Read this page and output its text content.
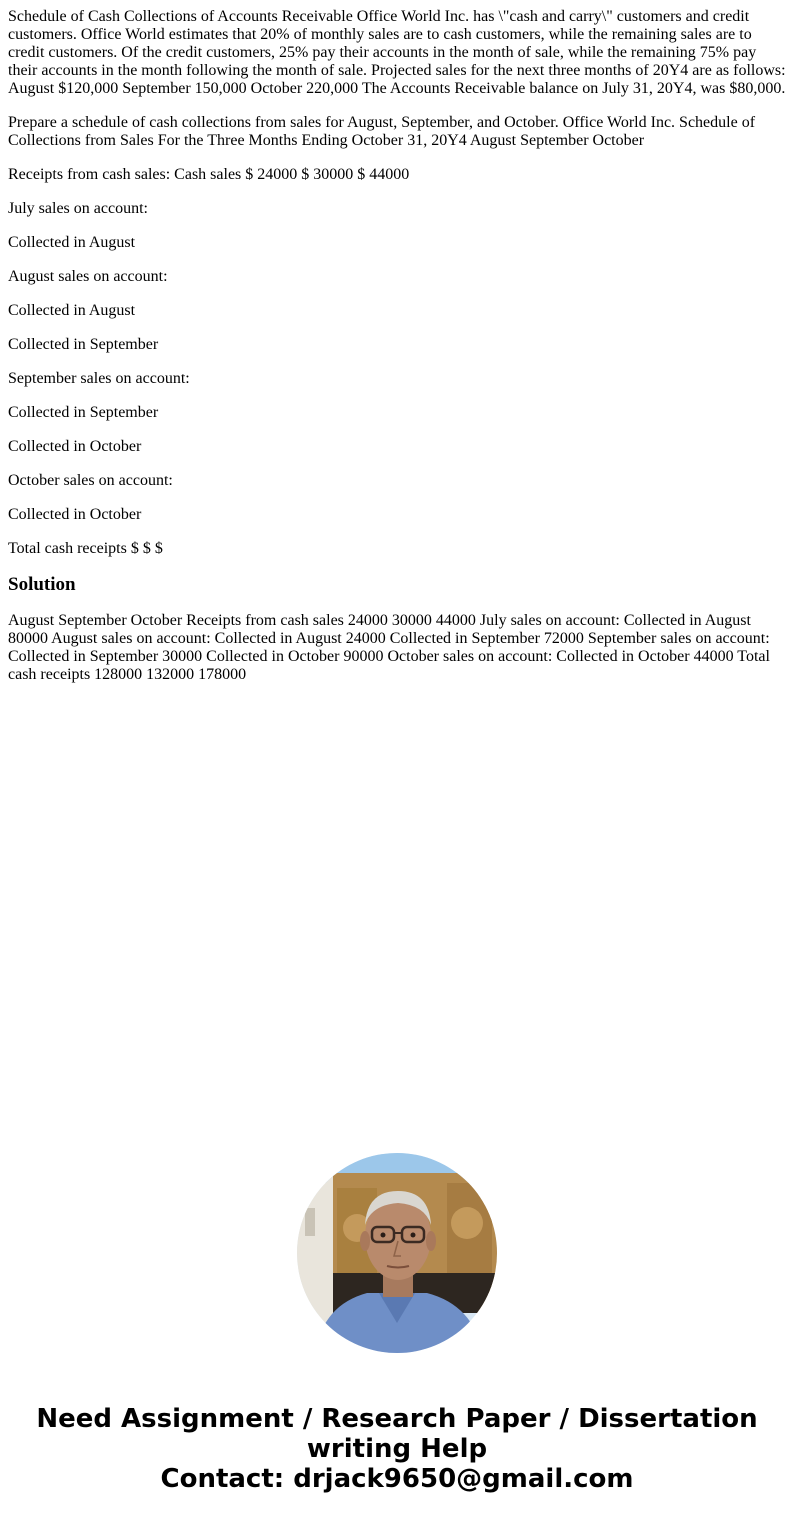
Schedule of Cash Collections of Accounts Receivable Office World Inc. has \"cash and carry\" customers and credit customers. Office World estimates that 20% of monthly sales are to cash customers, while the remaining sales are to credit customers. Of the credit customers, 25% pay their accounts in the month of sale, while the remaining 75% pay their accounts in the month following the month of sale. Projected sales for the next three months of 20Y4 are as follows: August $120,000 September 150,000 October 220,000 The Accounts Receivable balance on July 31, 20Y4, was $80,000.

Prepare a schedule of cash collections from sales for August, September, and October. Office World Inc. Schedule of Collections from Sales For the Three Months Ending October 31, 20Y4 August September October

Receipts from cash sales: Cash sales $ 24000 $ 30000 $ 44000

July sales on account:

Collected in August

August sales on account:

Collected in August

Collected in September

September sales on account:

Collected in September

Collected in October

October sales on account:

Collected in October

Total cash receipts $ $ $

Solution

August September October Receipts from cash sales 24000 30000 44000 July sales on account: Collected in August 80000 August sales on account: Collected in August 24000 Collected in September 72000 September sales on account: Collected in September 30000 Collected in October 90000 October sales on account: Collected in October 44000 Total cash receipts 128000 132000 178000

Need Assignment / Research Paper / Dissertation
writing Help
Contact: drjack9650@gmail.com
